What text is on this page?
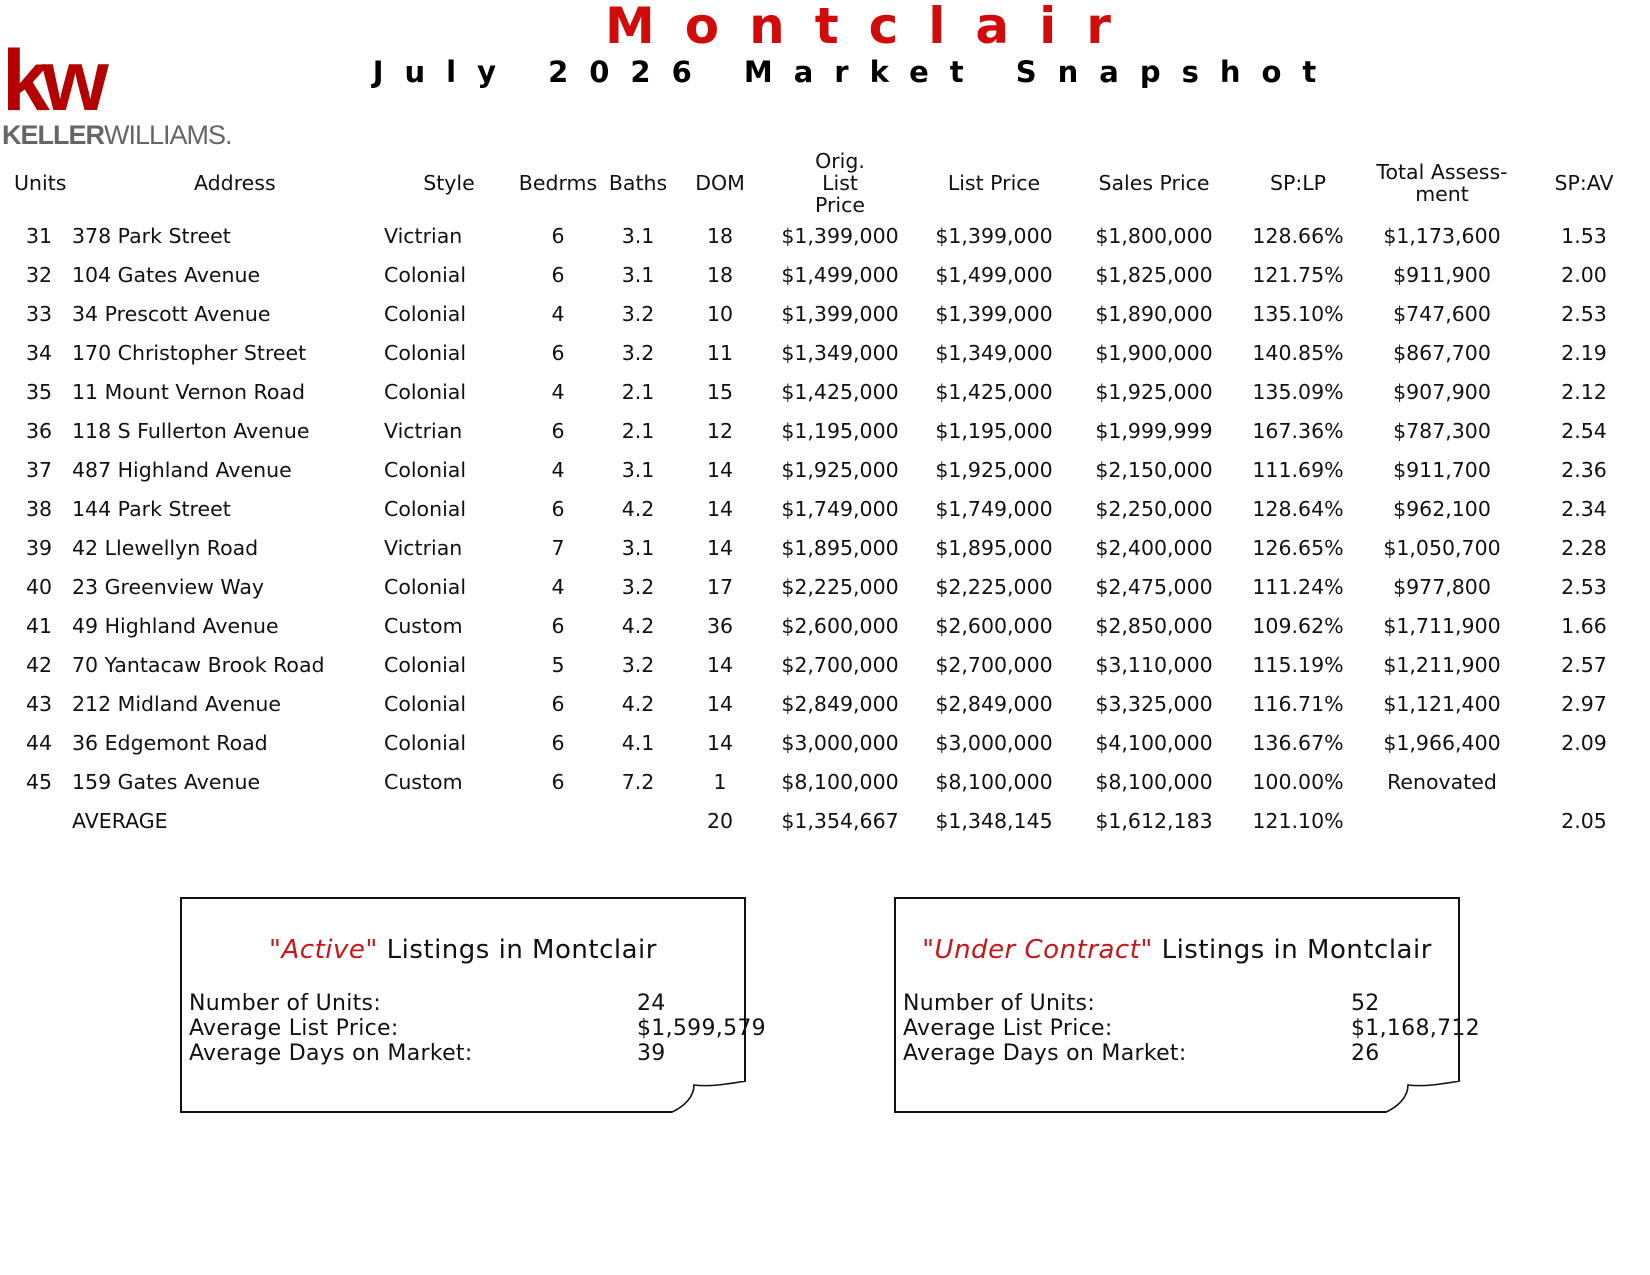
kw
KELLERWILLIAMS.
Montclair
July 2026 Market Snapshot
Units	Address	Style	Bedrms	Baths	DOM	Orig. List Price	List Price	Sales Price	SP:LP	Total Assess-ment	SP:AV
31	378 Park Street	Victrian	6	3.1	18	$1,399,000	$1,399,000	$1,800,000	128.66%	$1,173,600	1.53
32	104 Gates Avenue	Colonial	6	3.1	18	$1,499,000	$1,499,000	$1,825,000	121.75%	$911,900	2.00
33	34 Prescott Avenue	Colonial	4	3.2	10	$1,399,000	$1,399,000	$1,890,000	135.10%	$747,600	2.53
34	170 Christopher Street	Colonial	6	3.2	11	$1,349,000	$1,349,000	$1,900,000	140.85%	$867,700	2.19
35	11 Mount Vernon Road	Colonial	4	2.1	15	$1,425,000	$1,425,000	$1,925,000	135.09%	$907,900	2.12
36	118 S Fullerton Avenue	Victrian	6	2.1	12	$1,195,000	$1,195,000	$1,999,999	167.36%	$787,300	2.54
37	487 Highland Avenue	Colonial	4	3.1	14	$1,925,000	$1,925,000	$2,150,000	111.69%	$911,700	2.36
38	144 Park Street	Colonial	6	4.2	14	$1,749,000	$1,749,000	$2,250,000	128.64%	$962,100	2.34
39	42 Llewellyn Road	Victrian	7	3.1	14	$1,895,000	$1,895,000	$2,400,000	126.65%	$1,050,700	2.28
40	23 Greenview Way	Colonial	4	3.2	17	$2,225,000	$2,225,000	$2,475,000	111.24%	$977,800	2.53
41	49 Highland Avenue	Custom	6	4.2	36	$2,600,000	$2,600,000	$2,850,000	109.62%	$1,711,900	1.66
42	70 Yantacaw Brook Road	Colonial	5	3.2	14	$2,700,000	$2,700,000	$3,110,000	115.19%	$1,211,900	2.57
43	212 Midland Avenue	Colonial	6	4.2	14	$2,849,000	$2,849,000	$3,325,000	116.71%	$1,121,400	2.97
44	36 Edgemont Road	Colonial	6	4.1	14	$3,000,000	$3,000,000	$4,100,000	136.67%	$1,966,400	2.09
45	159 Gates Avenue	Custom	6	7.2	1	$8,100,000	$8,100,000	$8,100,000	100.00%	Renovated	
	AVERAGE				20	$1,354,667	$1,348,145	$1,612,183	121.10%		2.05
"Active" Listings in Montclair
Number of Units:	24
Average List Price:	$1,599,579
Average Days on Market:	39
"Under Contract" Listings in Montclair
Number of Units:	52
Average List Price:	$1,168,712
Average Days on Market:	26
